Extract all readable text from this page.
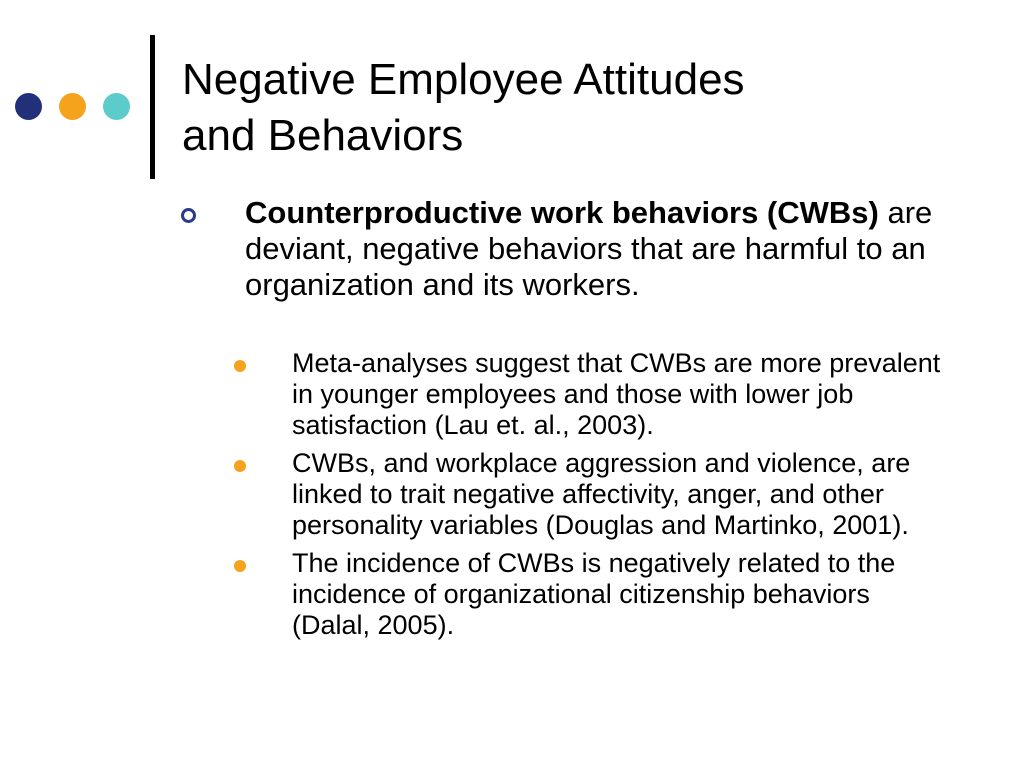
Negative Employee Attitudes
and Behaviors
Counterproductive work behaviors (CWBs) are deviant, negative behaviors that are harmful to an organization and its workers.
Meta-analyses suggest that CWBs are more prevalent in younger employees and those with lower job satisfaction (Lau et. al., 2003).
CWBs, and workplace aggression and violence, are linked to trait negative affectivity, anger, and other personality variables (Douglas and Martinko, 2001).
The incidence of CWBs is negatively related to the incidence of organizational citizenship behaviors (Dalal, 2005).
